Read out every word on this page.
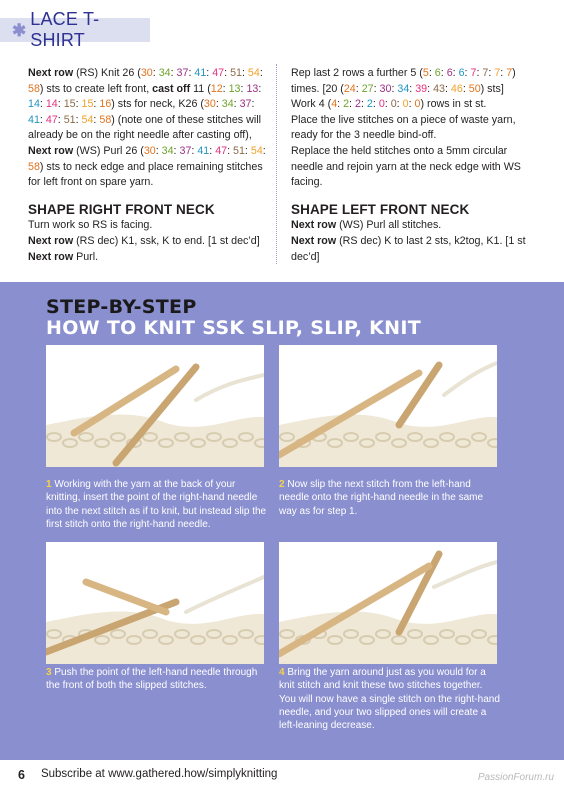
✱
LACE T-SHIRT

Next row (RS) Knit 26 (30: 34: 37: 41: 47: 51: 54: 58) sts to create left front, cast off 11 (12: 13: 13: 14: 14: 15: 15: 16) sts for neck, K26 (30: 34: 37: 41: 47: 51: 54: 58) (note one of these stitches will already be on the right needle after casting off),

Next row (WS) Purl 26 (30: 34: 37: 41: 47: 51: 54: 58) sts to neck edge and place remaining stitches for left front on spare yarn.

SHAPE RIGHT FRONT NECK

Turn work so RS is facing.

Next row (RS dec) K1, ssk, K to end. [1 st dec’d]

Next row Purl.

Rep last 2 rows a further 5 (5: 6: 6: 6: 7: 7: 7: 7) times. [20 (24: 27: 30: 34: 39: 43: 46: 50) sts]

Work 4 (4: 2: 2: 2: 0: 0: 0: 0) rows in st st.

Place the live stitches on a piece of waste yarn, ready for the 3 needle bind-off.

Replace the held stitches onto a 5mm circular needle and rejoin yarn at the neck edge with WS facing.

SHAPE LEFT FRONT NECK

Next row (WS) Purl all stitches.

Next row (RS dec) K to last 2 sts, k2tog, K1. [1 st dec’d]

STEP-BY-STEP
HOW TO KNIT SSK SLIP, SLIP, KNIT
1 Working with the yarn at the back of your knitting, insert the point of the right-hand needle into the next stitch as if to knit, but instead slip the first stitch onto the right-hand needle.
2 Now slip the next stitch from the left-hand needle onto the right-hand needle in the same way as for step 1.
3 Push the point of the left-hand needle through the front of both the slipped stitches.
4 Bring the yarn around just as you would for a knit stitch and knit these two stitches together. You will now have a single stitch on the right-hand needle, and your two slipped ones will create a left-leaning decrease.
6 Subscribe at www.gathered.how/simplyknitting	PassionForum.ru
